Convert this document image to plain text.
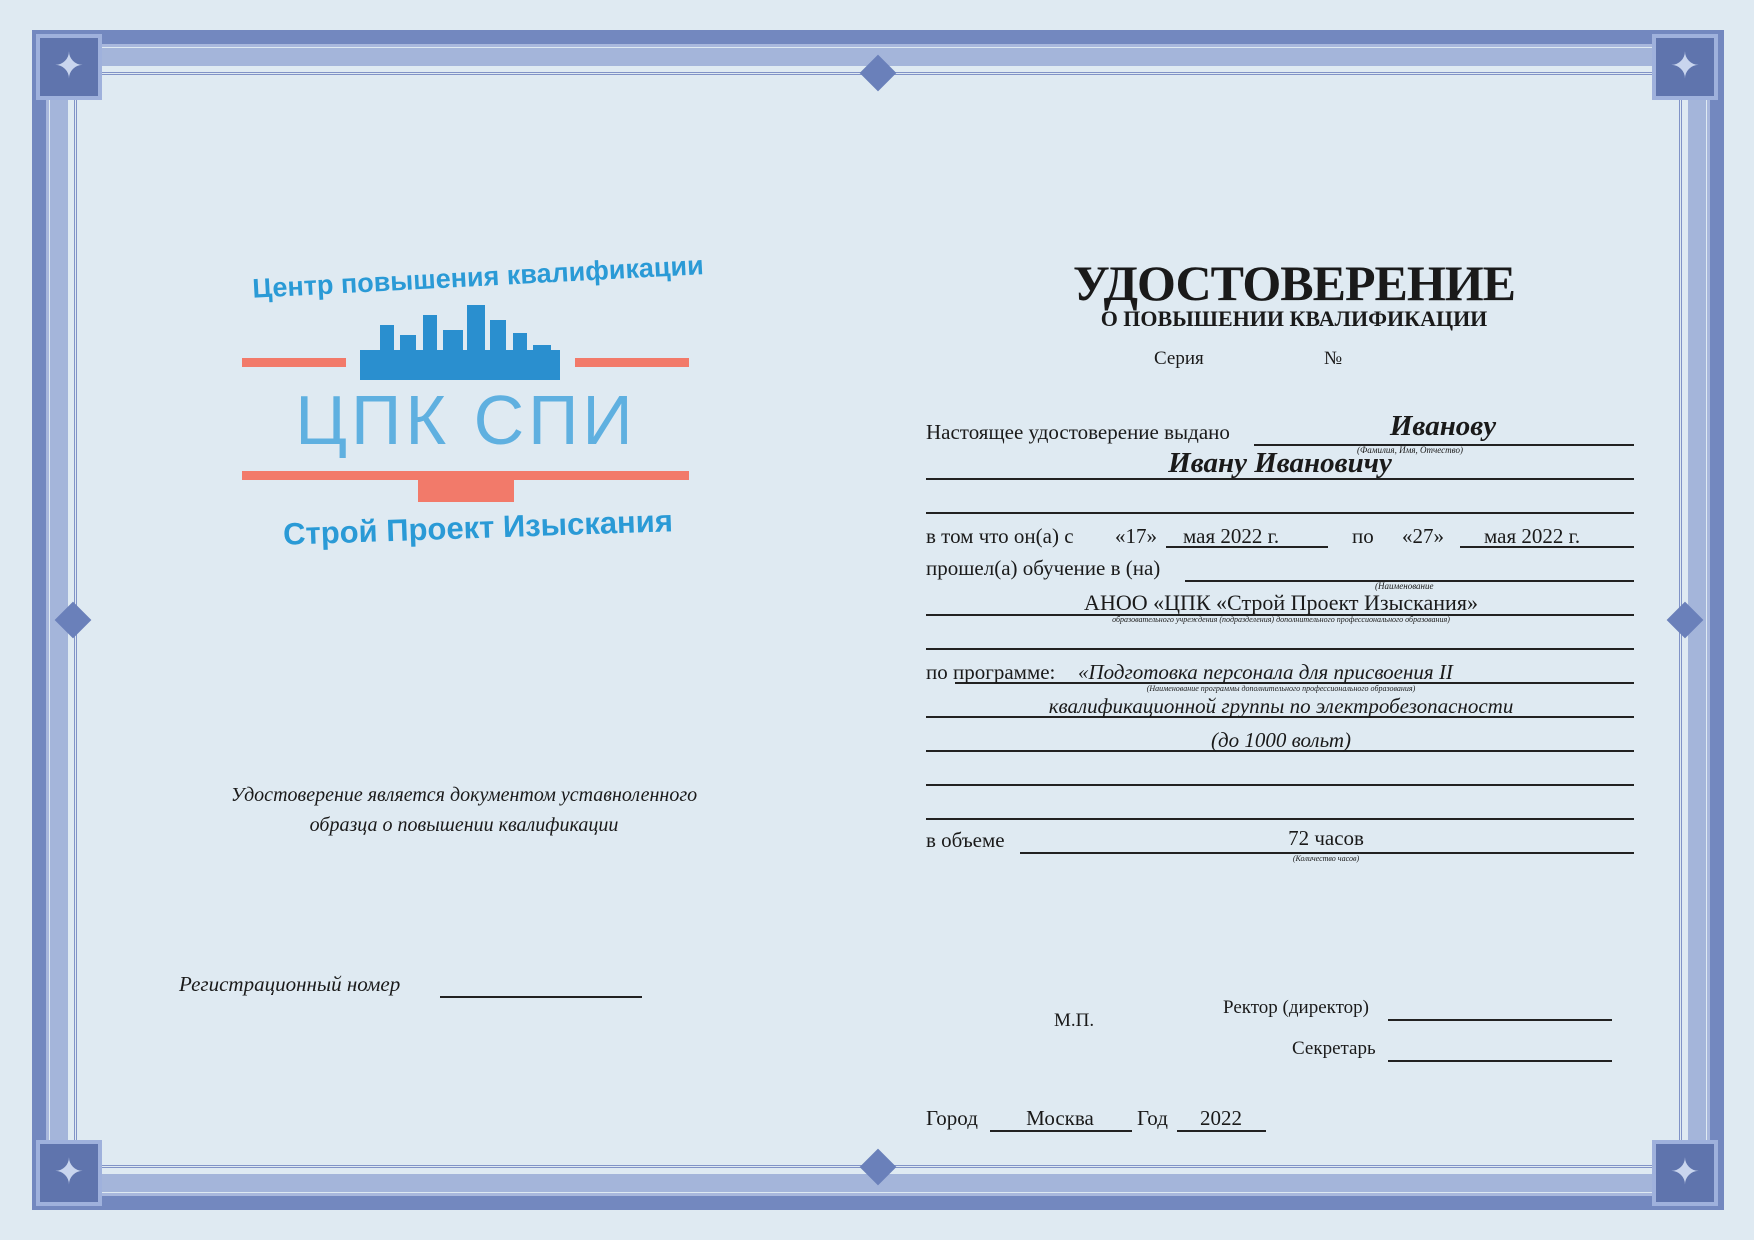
✦
✦
✦
✦
Центр повышения квалификации
ЦПК СПИ
Строй Проект Изыскания
Удостоверение является документом уставноленного
образца о повышении квалификации
Регистрационный номер
УДОСТОВЕРЕНИЕ
О ПОВЫШЕНИИ КВАЛИФИКАЦИИ
Серия	№
Настоящее удостоверение выдано	Иванову
(Фамилия, Имя, Отчество)
Ивану Ивановичу
в том что он(а) с «17» мая 2022 г.	по «27» мая 2022 г.
прошел(а) обучение в (на)
(Наименование
АНОО «ЦПК «Строй Проект Изыскания»
образовательного учреждения (подразделения) дополнительного профессионального образования)
по программе: «Подготовка персонала для присвоения II
(Наименование программы дополнительного профессионального образования)
квалификационной группы по электробезопасности
(до 1000 вольт)
в объеме	72 часов
(Количество часов)
М.П.
Ректор (директор)
Секретарь
Город Москва Год 2022
